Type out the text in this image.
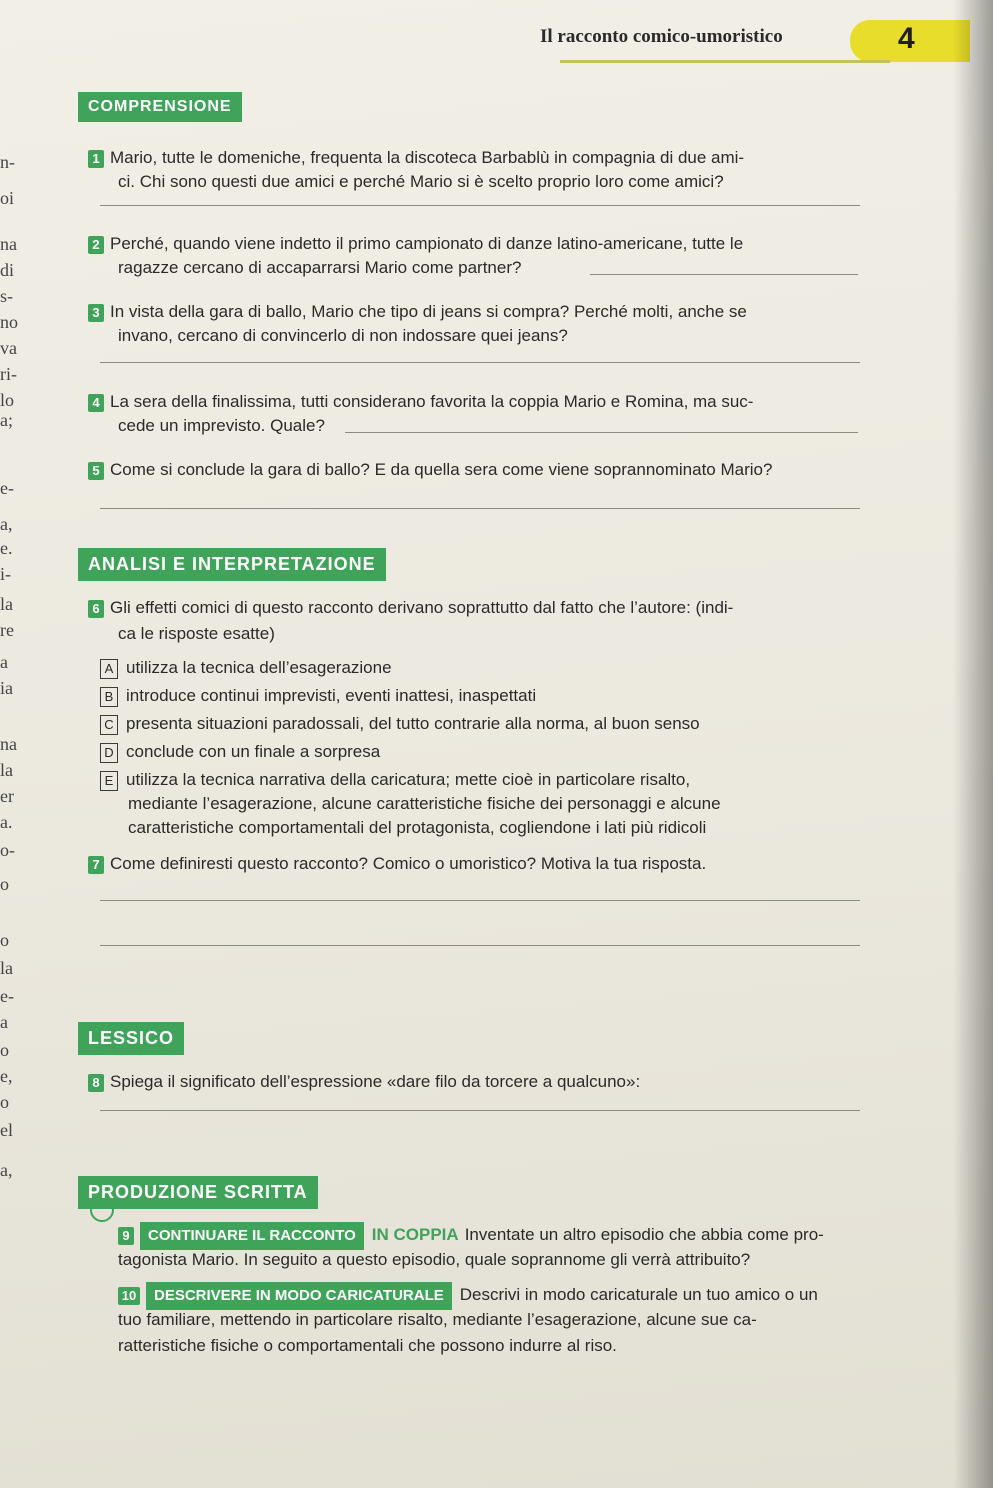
Il racconto comico-umoristico	4
n-
oi
na
di
s-
no
va
ri-
lo
a;
e-
a,
e.
i-
la
re
a
ia
na
la
er
a.
o-
o
o
la
e-
a
o
e,
o
el
a,
COMPRENSIONE
1 Mario, tutte le domeniche, frequenta la discoteca Barbablù in compagnia di due ami-
ci. Chi sono questi due amici e perché Mario si è scelto proprio loro come amici?
2 Perché, quando viene indetto il primo campionato di danze latino-americane, tutte le
ragazze cercano di accaparrarsi Mario come partner?
3 In vista della gara di ballo, Mario che tipo di jeans si compra? Perché molti, anche se
invano, cercano di convincerlo di non indossare quei jeans?
4 La sera della finalissima, tutti considerano favorita la coppia Mario e Romina, ma suc-
cede un imprevisto. Quale?
5 Come si conclude la gara di ballo? E da quella sera come viene soprannominato Mario?
ANALISI E INTERPRETAZIONE
6 Gli effetti comici di questo racconto derivano soprattutto dal fatto che l’autore: (indi-
ca le risposte esatte)
A utilizza la tecnica dell’esagerazione
B introduce continui imprevisti, eventi inattesi, inaspettati
C presenta situazioni paradossali, del tutto contrarie alla norma, al buon senso
D conclude con un finale a sorpresa
E utilizza la tecnica narrativa della caricatura; mette cioè in particolare risalto,
mediante l’esagerazione, alcune caratteristiche fisiche dei personaggi e alcune
caratteristiche comportamentali del protagonista, cogliendone i lati più ridicoli
7 Come definiresti questo racconto? Comico o umoristico? Motiva la tua risposta.
LESSICO
8 Spiega il significato dell’espressione «dare filo da torcere a qualcuno»:
PRODUZIONE SCRITTA
9 CONTINUARE IL RACCONTO IN COPPIA Inventate un altro episodio che abbia come pro-
tagonista Mario. In seguito a questo episodio, quale soprannome gli verrà attribuito?
10 DESCRIVERE IN MODO CARICATURALE Descrivi in modo caricaturale un tuo amico o un
tuo familiare, mettendo in particolare risalto, mediante l’esagerazione, alcune sue ca-
ratteristiche fisiche o comportamentali che possono indurre al riso.
